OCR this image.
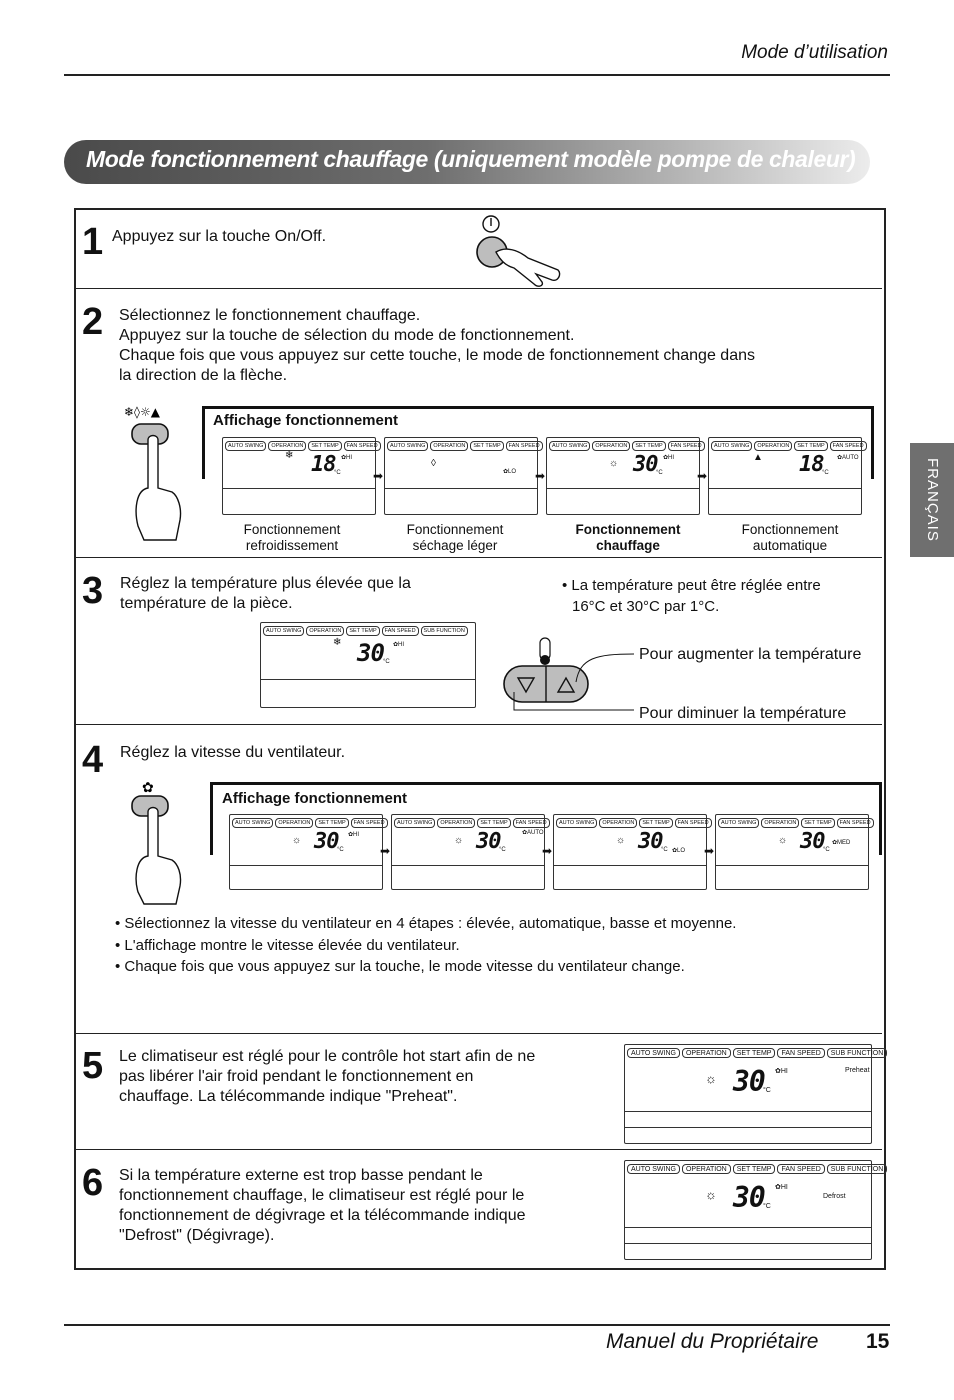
Mode d’utilisation
Mode fonctionnement chauffage (uniquement modèle pompe de chaleur)
FRANÇAIS
1 Appuyez sur la touche On/Off.
2 Sélectionnez le fonctionnement chauffage.
Appuyez sur la touche de sélection du mode de fonctionnement.
Chaque fois que vous appuyez sur cette touche, le mode de fonctionnement change dans
la direction de la flèche.
❄◊☼▲	Affichage fonctionnement
AUTO SWING	OPERATION	SET TEMP	FAN SPEED
❄ 18
°C
✿HI
AUTO SWING	OPERATION	SET TEMP	FAN SPEED
◊
✿LO
AUTO SWING	OPERATION	SET TEMP	FAN SPEED
☼ 30
°C
✿HI
AUTO SWING	OPERATION	SET TEMP	FAN SPEED
▲ 18
°C
✿AUTO
➡	➡	➡
Fonctionnement
refroidissement
Fonctionnement
séchage léger
Fonctionnement
chauffage
Fonctionnement
automatique
3 Réglez la température plus élevée que la
température de la pièce.
• La température peut être réglée entre
16°C et 30°C par 1°C.
AUTO SWING	OPERATION	SET TEMP	FAN SPEED	SUB FUNCTION
❄ 30 °C
✿HI
Pour augmenter la température
Pour diminuer la température
4 Réglez la vitesse du ventilateur.
✿
Affichage fonctionnement
AUTO SWING	OPERATION	SET TEMP	FAN SPEED
☼ 30
°C
✿HI
AUTO SWING	OPERATION	SET TEMP	FAN SPEED
☼ 30
°C
✿AUTO
AUTO SWING	OPERATION	SET TEMP	FAN SPEED
☼ 30
°C ✿LO
AUTO SWING	OPERATION	SET TEMP	FAN SPEED
☼ 30
°C
✿MED
➡	➡	➡
• Sélectionnez la vitesse du ventilateur en 4 étapes : élevée, automatique, basse et moyenne.
• L'affichage montre le vitesse élevée du ventilateur.
• Chaque fois que vous appuyez sur la touche, le mode vitesse du ventilateur change.
5 Le climatiseur est réglé pour le contrôle hot start afin de ne
pas libérer l'air froid pendant le fonctionnement en
chauffage. La télécommande indique "Preheat".
AUTO SWING	OPERATION	SET TEMP	FAN SPEED	SUB FUNCTION
☼ 30
°C
✿HI	Preheat
6 Si la température externe est trop basse pendant le
fonctionnement chauffage, le climatiseur est réglé pour le
fonctionnement de dégivrage et la télécommande indique
"Defrost" (Dégivrage).
AUTO SWING	OPERATION	SET TEMP	FAN SPEED	SUB FUNCTION
☼ 30
°C
✿HI
Defrost
Manuel du Propriétaire 15
